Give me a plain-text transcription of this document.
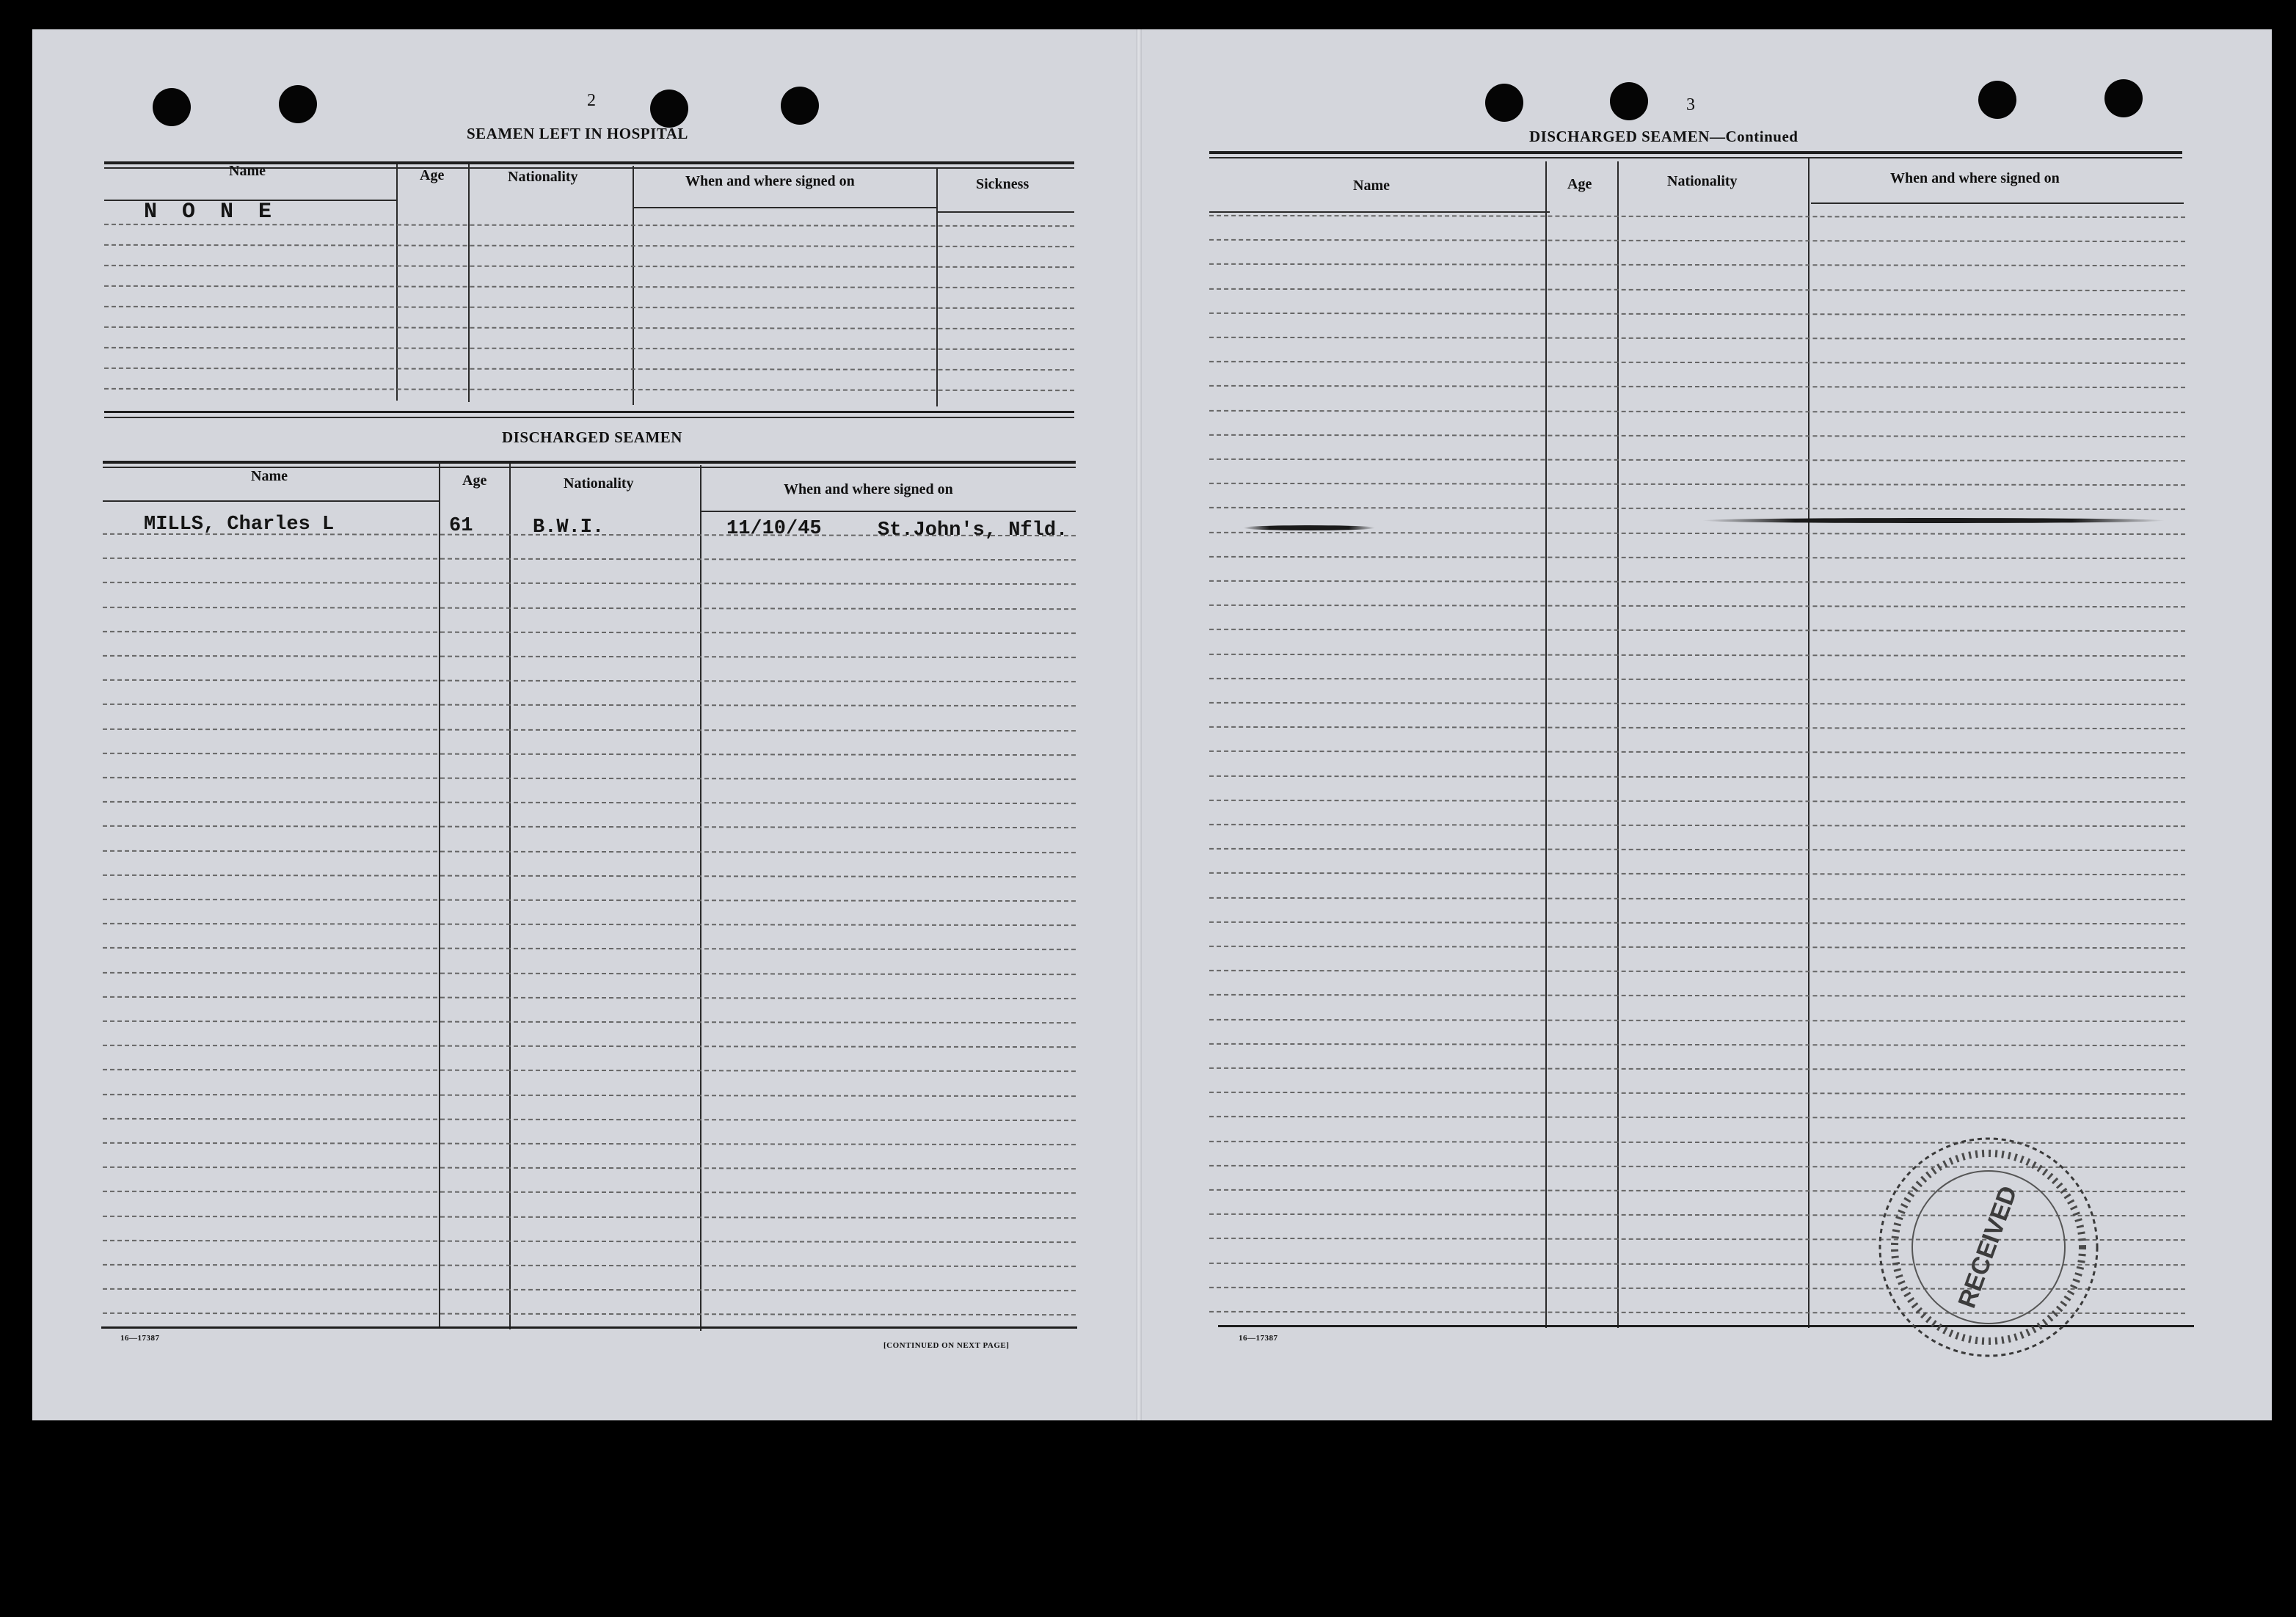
2
SEAMEN LEFT IN HOSPITAL
Name	Age	Nationality	When and where signed on	Sickness
N O N E
DISCHARGED SEAMEN
Name	Age	Nationality	When and where signed on
MILLS, Charles L	61	B.W.I.	11/10/45	St.John's, Nfld.
16—17387
[CONTINUED ON NEXT PAGE]
3
DISCHARGED SEAMEN—Continued
Name	Age	Nationality	When and where signed on
16—17387
RECEIVED
